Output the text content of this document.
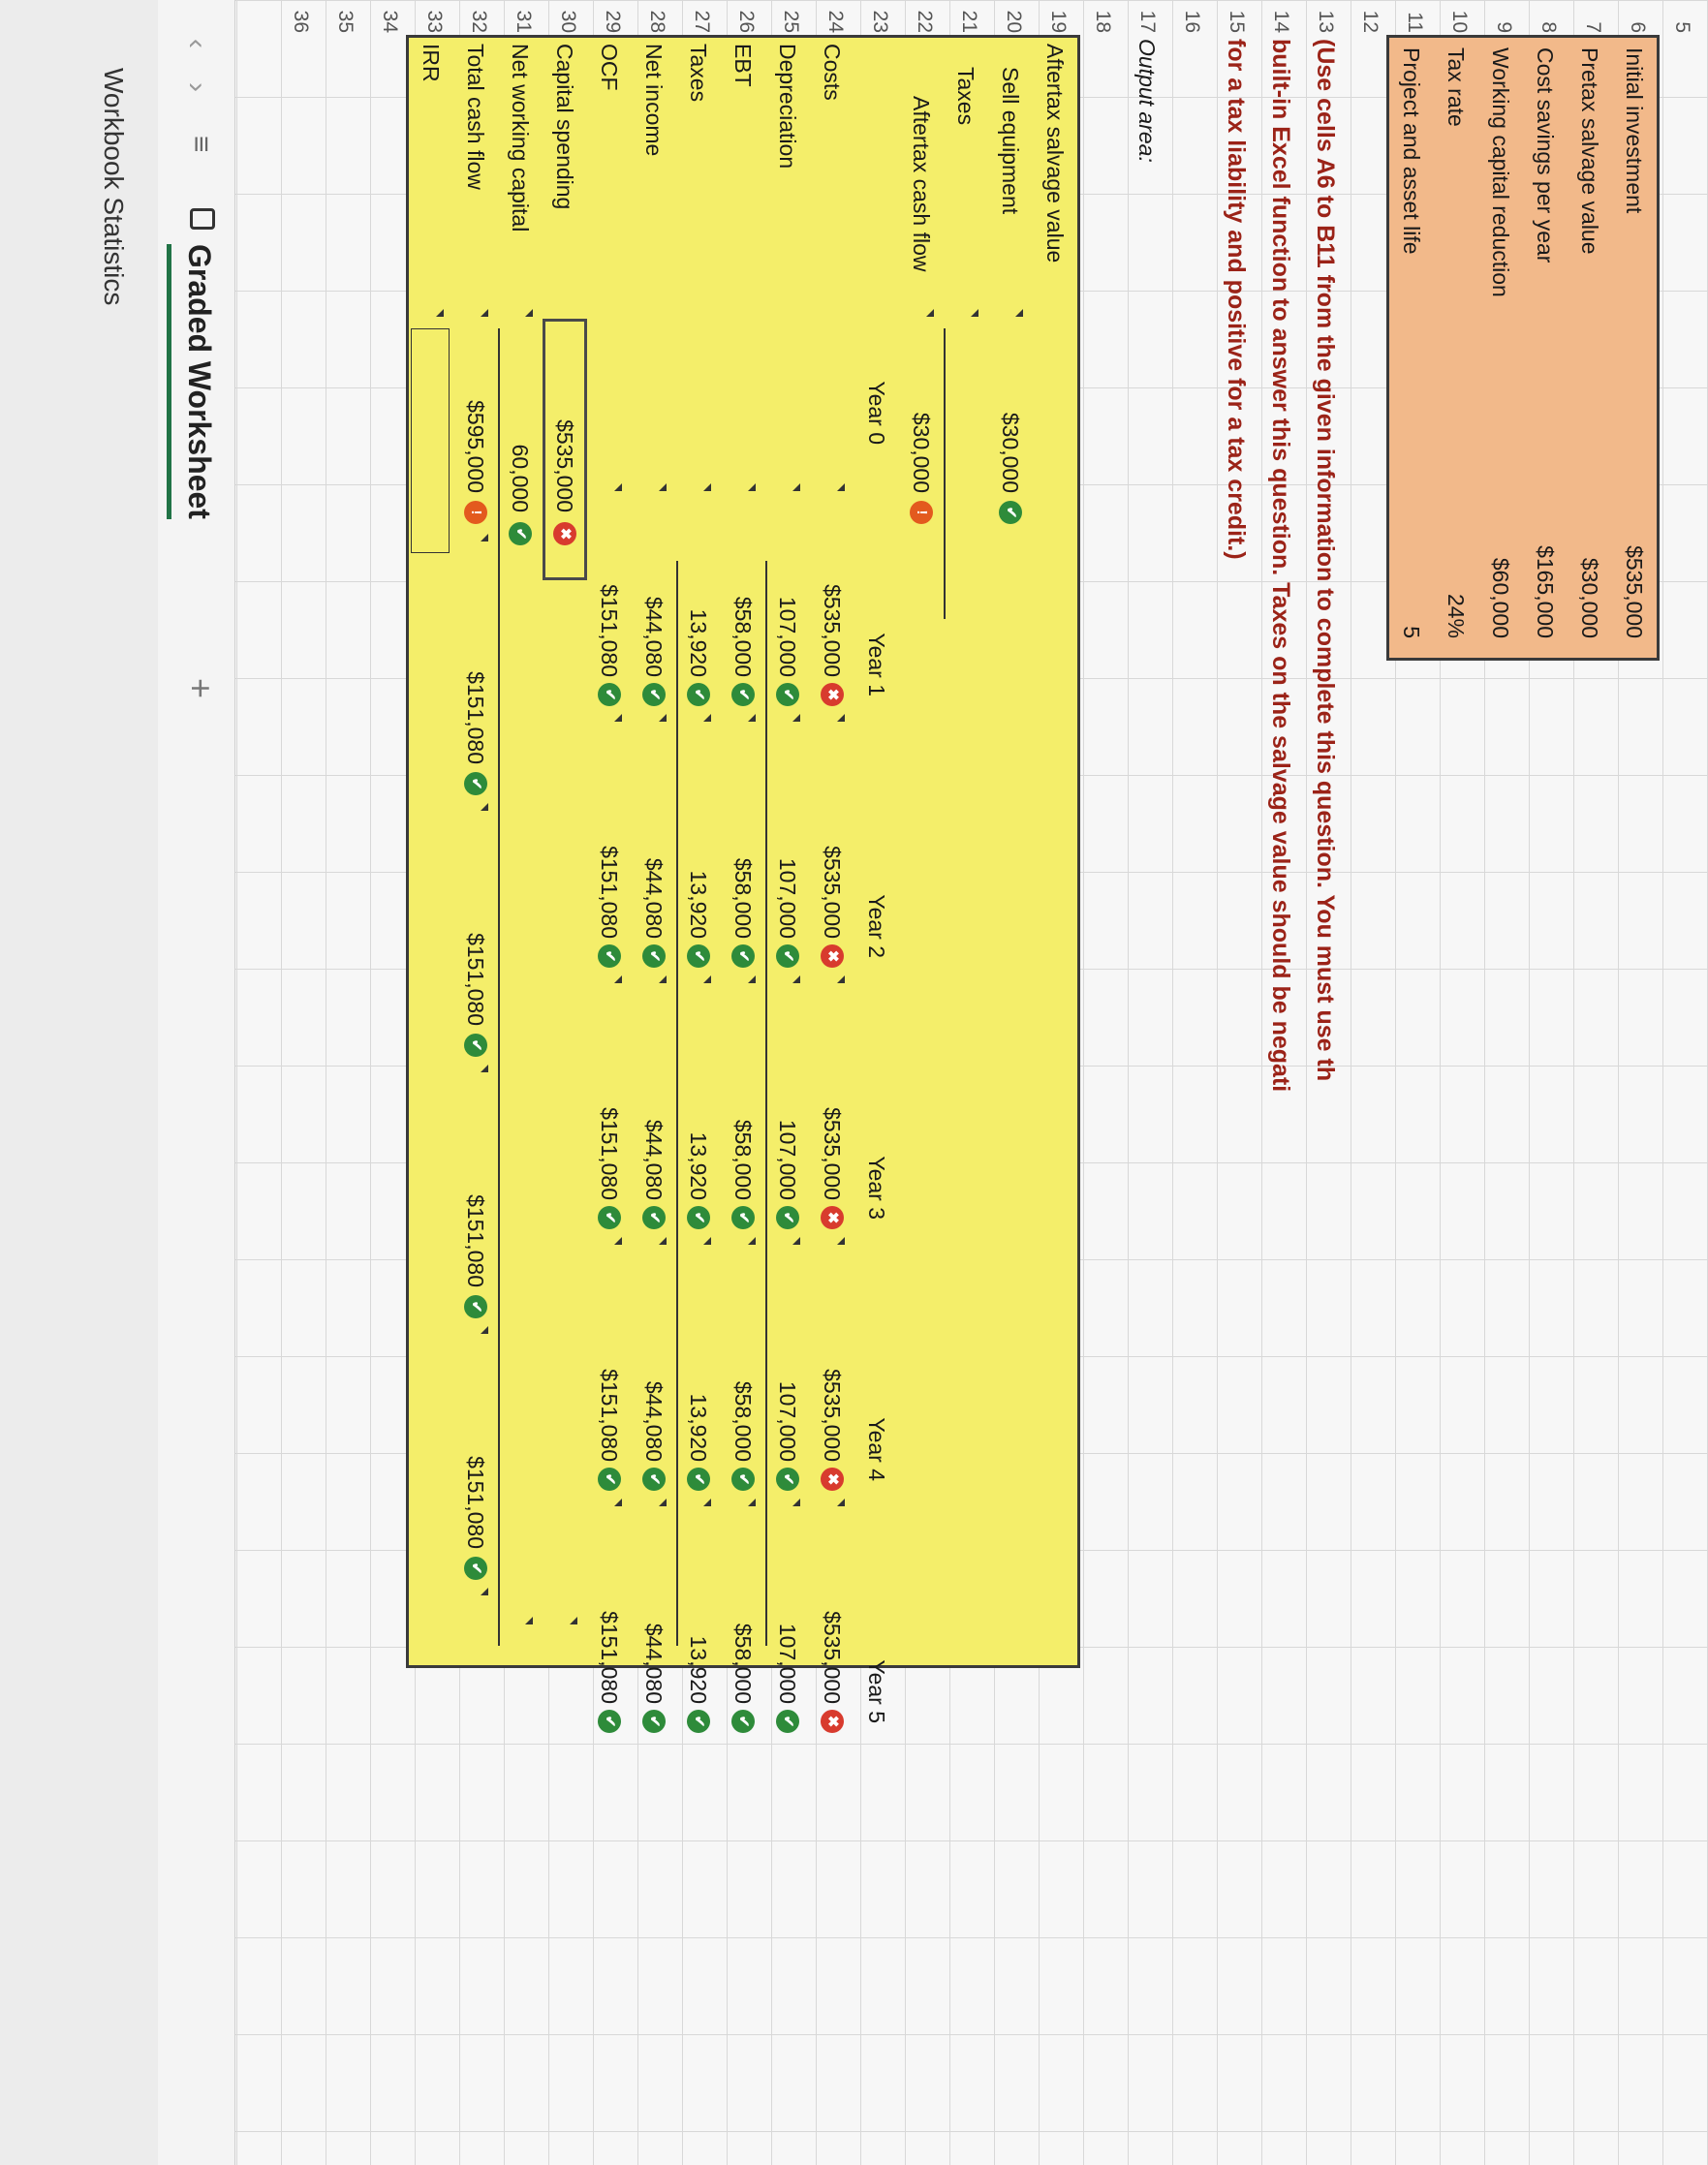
Initial investment
$535,000
Pretax salvage value
$30,000
Cost savings per year
$165,000
Working capital reduction
$60,000
Tax rate
24%
Project and asset life
5
Aftertax salvage value
Sell equipment
$30,000
✔
Taxes
Aftertax cash flow
$30,000
!
Year 0
Year 1
Year 2
Year 3
Year 4
Year 5
Costs
$535,000
✖
$535,000
✖
$535,000
✖
$535,000
✖
$535,000
✖
Depreciation
107,000
✔
107,000
✔
107,000
✔
107,000
✔
107,000
✔
EBT
$58,000
✔
$58,000
✔
$58,000
✔
$58,000
✔
$58,000
✔
Taxes
13,920
✔
13,920
✔
13,920
✔
13,920
✔
13,920
✔
Net income
$44,080
✔
$44,080
✔
$44,080
✔
$44,080
✔
$44,080
✔
OCF
$151,080
✔
$151,080
✔
$151,080
✔
$151,080
✔
$151,080
✔
Capital spending
$535,000
✖
Net working capital
60,000
✔
Total cash flow
$595,000
!
$151,080
✔
$151,080
✔
$151,080
✔
$151,080
✔
IRR
5
6
7
8
9
10
11
12
13
14
15
16
17
18
19
20
21
22
23
24
25
26
27
28
29
30
31
32
33
34
35
36
(Use cells A6 to B11 from the given information to complete this question. You must use th
built-in Excel function to answer this question. Taxes on the salvage value should be negati
for a tax liability and positive for a tax credit.)
Output area:
‹
›
≡
Graded Worksheet
+
Workbook Statistics
